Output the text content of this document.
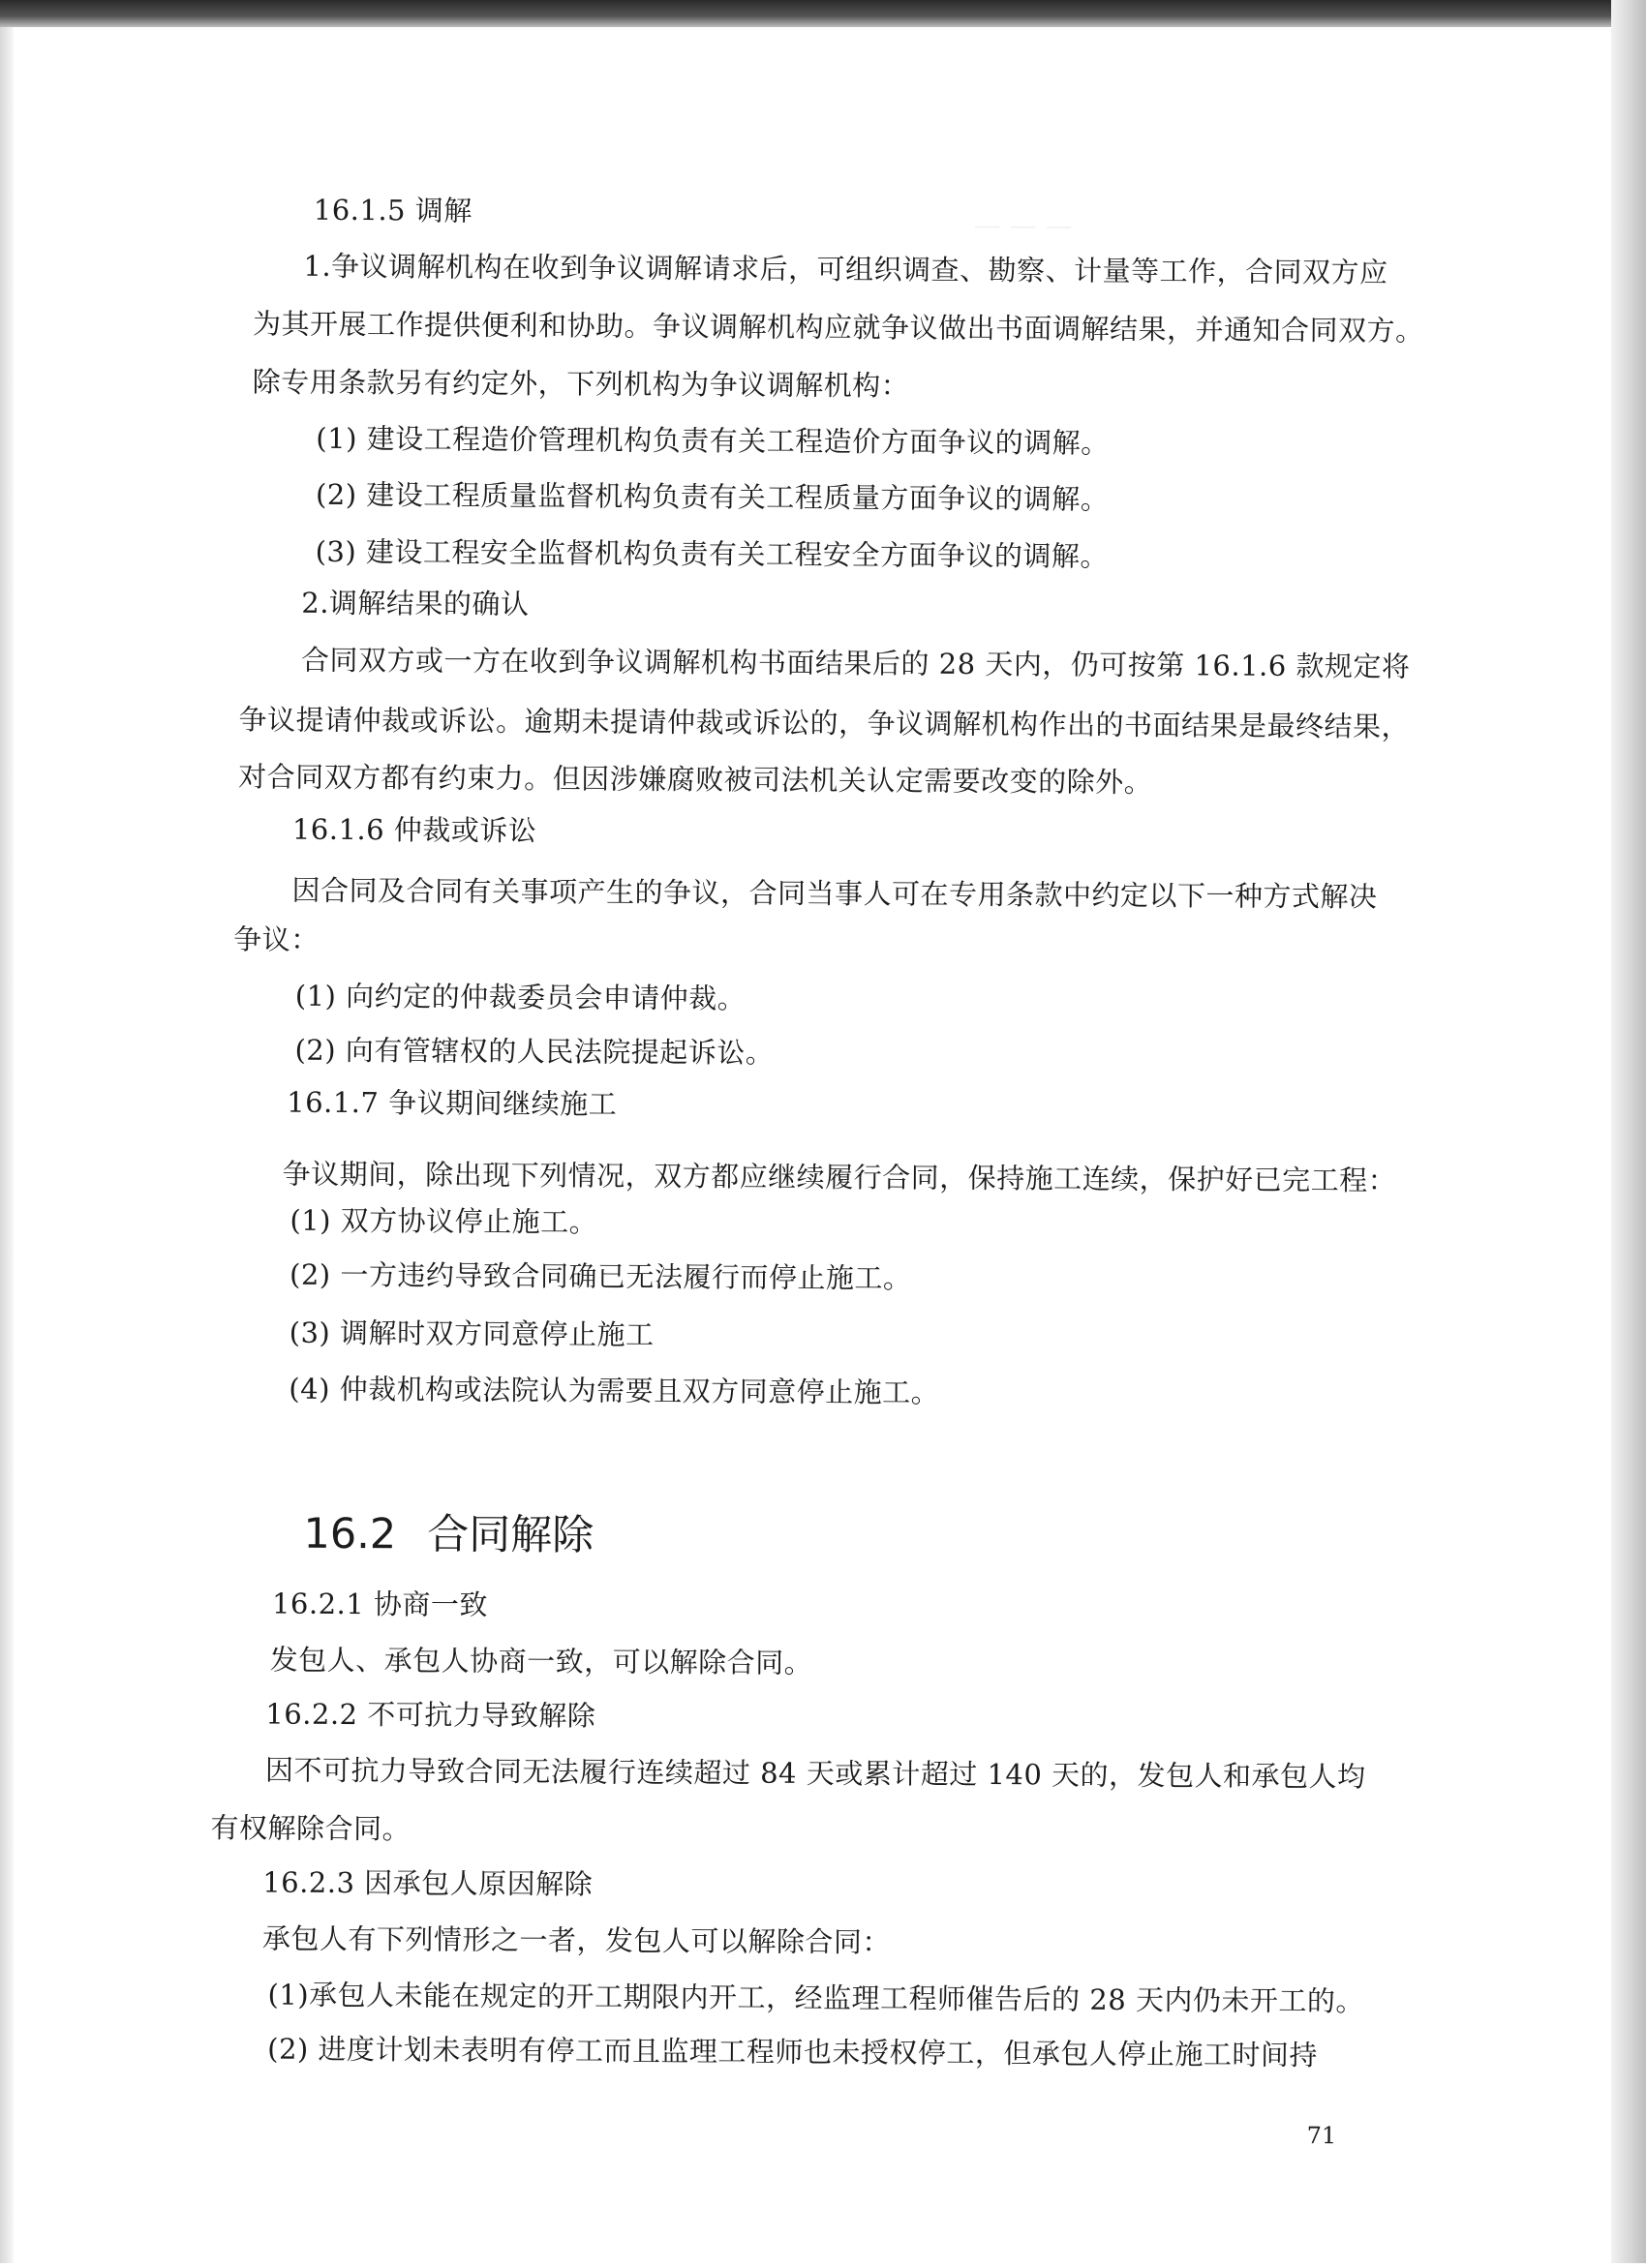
— — —
16.1.5 调解
1.争议调解机构在收到争议调解请求后，可组织调查、勘察、计量等工作，合同双方应
为其开展工作提供便利和协助。争议调解机构应就争议做出书面调解结果，并通知合同双方。
除专用条款另有约定外，下列机构为争议调解机构：
(1) 建设工程造价管理机构负责有关工程造价方面争议的调解。
(2) 建设工程质量监督机构负责有关工程质量方面争议的调解。
(3) 建设工程安全监督机构负责有关工程安全方面争议的调解。
2.调解结果的确认
合同双方或一方在收到争议调解机构书面结果后的 28 天内，仍可按第 16.1.6 款规定将
争议提请仲裁或诉讼。逾期未提请仲裁或诉讼的，争议调解机构作出的书面结果是最终结果，
对合同双方都有约束力。但因涉嫌腐败被司法机关认定需要改变的除外。
16.1.6 仲裁或诉讼
因合同及合同有关事项产生的争议，合同当事人可在专用条款中约定以下一种方式解决
争议：
(1) 向约定的仲裁委员会申请仲裁。
(2) 向有管辖权的人民法院提起诉讼。
16.1.7 争议期间继续施工
争议期间，除出现下列情况，双方都应继续履行合同，保持施工连续，保护好已完工程：
(1) 双方协议停止施工。
(2) 一方违约导致合同确已无法履行而停止施工。
(3) 调解时双方同意停止施工
(4) 仲裁机构或法院认为需要且双方同意停止施工。
16.2 合同解除
16.2.1 协商一致
发包人、承包人协商一致，可以解除合同。
16.2.2 不可抗力导致解除
因不可抗力导致合同无法履行连续超过 84 天或累计超过 140 天的，发包人和承包人均
有权解除合同。
16.2.3 因承包人原因解除
承包人有下列情形之一者，发包人可以解除合同：
(1)承包人未能在规定的开工期限内开工，经监理工程师催告后的 28 天内仍未开工的。
(2) 进度计划未表明有停工而且监理工程师也未授权停工，但承包人停止施工时间持
71
